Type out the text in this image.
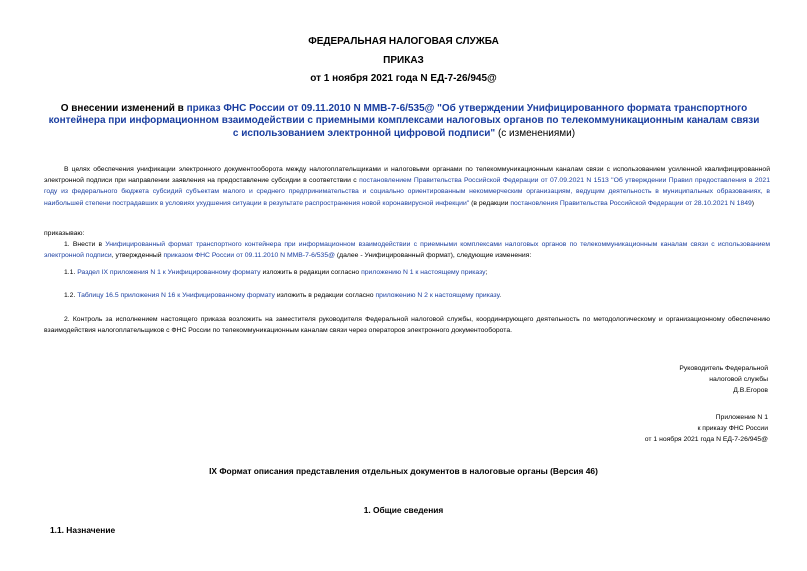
ФЕДЕРАЛЬНАЯ НАЛОГОВАЯ СЛУЖБА
ПРИКАЗ
от 1 ноября 2021 года N ЕД-7-26/945@
О внесении изменений в приказ ФНС России от 09.11.2010 N ММВ-7-6/535@ "Об утверждении Унифицированного формата транспортного контейнера при информационном взаимодействии с приемными комплексами налоговых органов по телекоммуникационным каналам связи с использованием электронной цифровой подписи" (с изменениями)
В целях обеспечения унификации электронного документооборота между налогоплательщиками и налоговыми органами по телекоммуникационным каналам связи с использованием усиленной квалифицированной электронной подписи при направлении заявления на предоставление субсидии в соответствии с постановлением Правительства Российской Федерации от 07.09.2021 N 1513 "Об утверждении Правил предоставления в 2021 году из федерального бюджета субсидий субъектам малого и среднего предпринимательства и социально ориентированным некоммерческим организациям, ведущим деятельность в муниципальных образованиях, в наибольшей степени пострадавших в условиях ухудшения ситуации в результате распространения новой коронавирусной инфекции" (в редакции постановления Правительства Российской Федерации от 28.10.2021 N 1849)
приказываю:
1. Внести в Унифицированный формат транспортного контейнера при информационном взаимодействии с приемными комплексами налоговых органов по телекоммуникационным каналам связи с использованием электронной подписи, утвержденный приказом ФНС России от 09.11.2010 N ММВ-7-6/535@ (далее - Унифицированный формат), следующие изменения:
1.1. Раздел IX приложения N 1 к Унифицированному формату изложить в редакции согласно приложению N 1 к настоящему приказу;
1.2. Таблицу 16.5 приложения N 16 к Унифицированному формату изложить в редакции согласно приложению N 2 к настоящему приказу.
2. Контроль за исполнением настоящего приказа возложить на заместителя руководителя Федеральной налоговой службы, координирующего деятельность по методологическому и организационному обеспечению взаимодействия налогоплательщиков с ФНС России по телекоммуникационным каналам связи через операторов электронного документооборота.
Руководитель Федеральной
налоговой службы
Д.В.Егоров
Приложение N 1
к приказу ФНС России
от 1 ноября 2021 года N ЕД-7-26/945@
IX Формат описания представления отдельных документов в налоговые органы (Версия 46)
1. Общие сведения
1.1. Назначение
